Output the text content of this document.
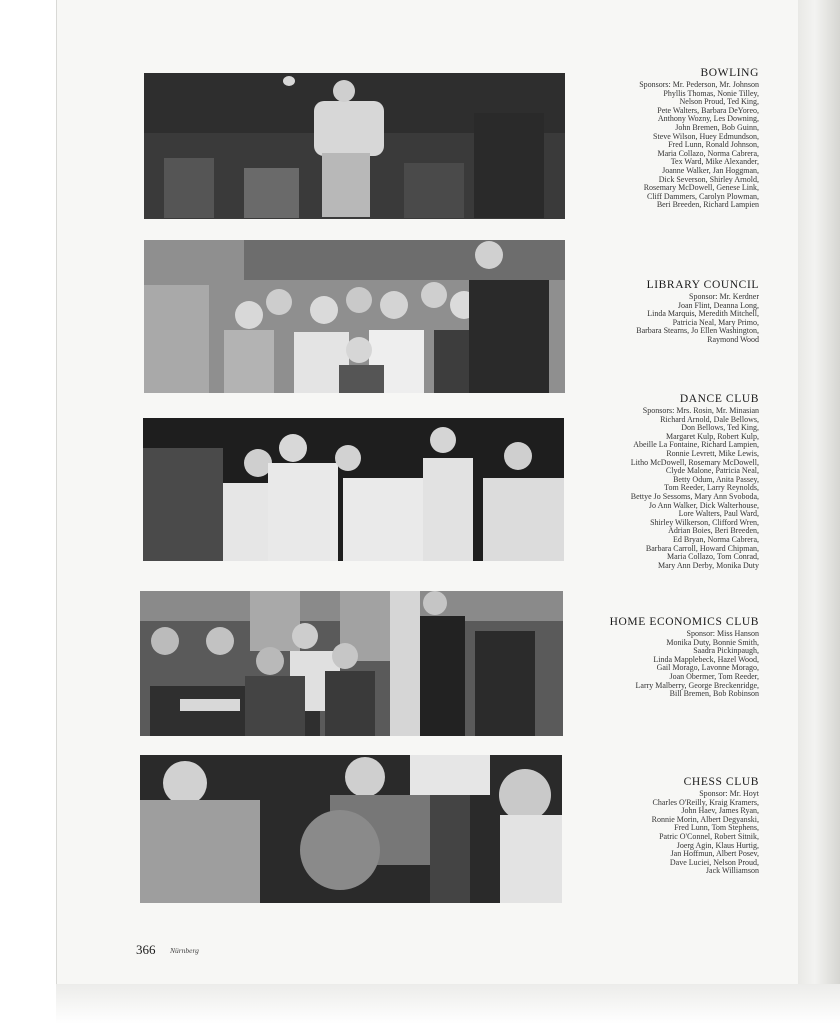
BOWLING
Sponsors: Mr. Pederson, Mr. Johnson
Phyllis Thomas, Nonie Tilley,
Nelson Proud, Ted King,
Pete Walters, Barbara DeYoreo,
Anthony Wozny, Les Downing,
John Bremen, Bob Guinn,
Steve Wilson, Huey Edmundson,
Fred Lunn, Ronald Johnson,
Maria Collazo, Norma Cabrera,
Tex Ward, Mike Alexander,
Joanne Walker, Jan Hoggman,
Dick Severson, Shirley Arnold,
Rosemary McDowell, Genese Link,
Cliff Dammers, Carolyn Plowman,
Beri Breeden, Richard Lampien
LIBRARY COUNCIL
Sponsor: Mr. Kerdner
Joan Flint, Deanna Long,
Linda Marquis, Meredith Mitchell,
Patricia Neal, Mary Primo,
Barbara Stearns, Jo Ellen Washington,
Raymond Wood
DANCE CLUB
Sponsors: Mrs. Rosin, Mr. Minasian
Richard Arnold, Dale Bellows,
Don Bellows, Ted King,
Margaret Kulp, Robert Kulp,
Abeille La Fontaine, Richard Lampien,
Ronnie Levrett, Mike Lewis,
Litho McDowell, Rosemary McDowell,
Clyde Malone, Patricia Neal,
Betty Odum, Anita Passey,
Tom Reeder, Larry Reynolds,
Bettye Jo Sessoms, Mary Ann Svoboda,
Jo Ann Walker, Dick Walterhouse,
Lore Walters, Paul Ward,
Shirley Wilkerson, Clifford Wren,
Adrian Boies, Beri Breeden,
Ed Bryan, Norma Cabrera,
Barbara Carroll, Howard Chipman,
Maria Collazo, Tom Conrad,
Mary Ann Derby, Monika Duty
HOME ECONOMICS CLUB
Sponsor: Miss Hanson
Monika Duty, Bonnie Smith,
Saadra Pickinpaugh,
Linda Mapplebeck, Hazel Wood,
Gail Morago, Lavonne Morago,
Joan Obermer, Tom Reeder,
Larry Malberry, George Breckenridge,
Bill Bremen, Bob Robinson
CHESS CLUB
Sponsor: Mr. Hoyt
Charles O'Reilly, Kraig Kramers,
John Haev, James Ryan,
Ronnie Morin, Albert Degyanski,
Fred Lunn, Tom Stephens,
Patric O'Connel, Robert Sitnik,
Joerg Agin, Klaus Hurtig,
Jan Hoffmun, Albert Posev,
Dave Luciei, Nelson Proud,
Jack Williamson
366 Nürnberg
